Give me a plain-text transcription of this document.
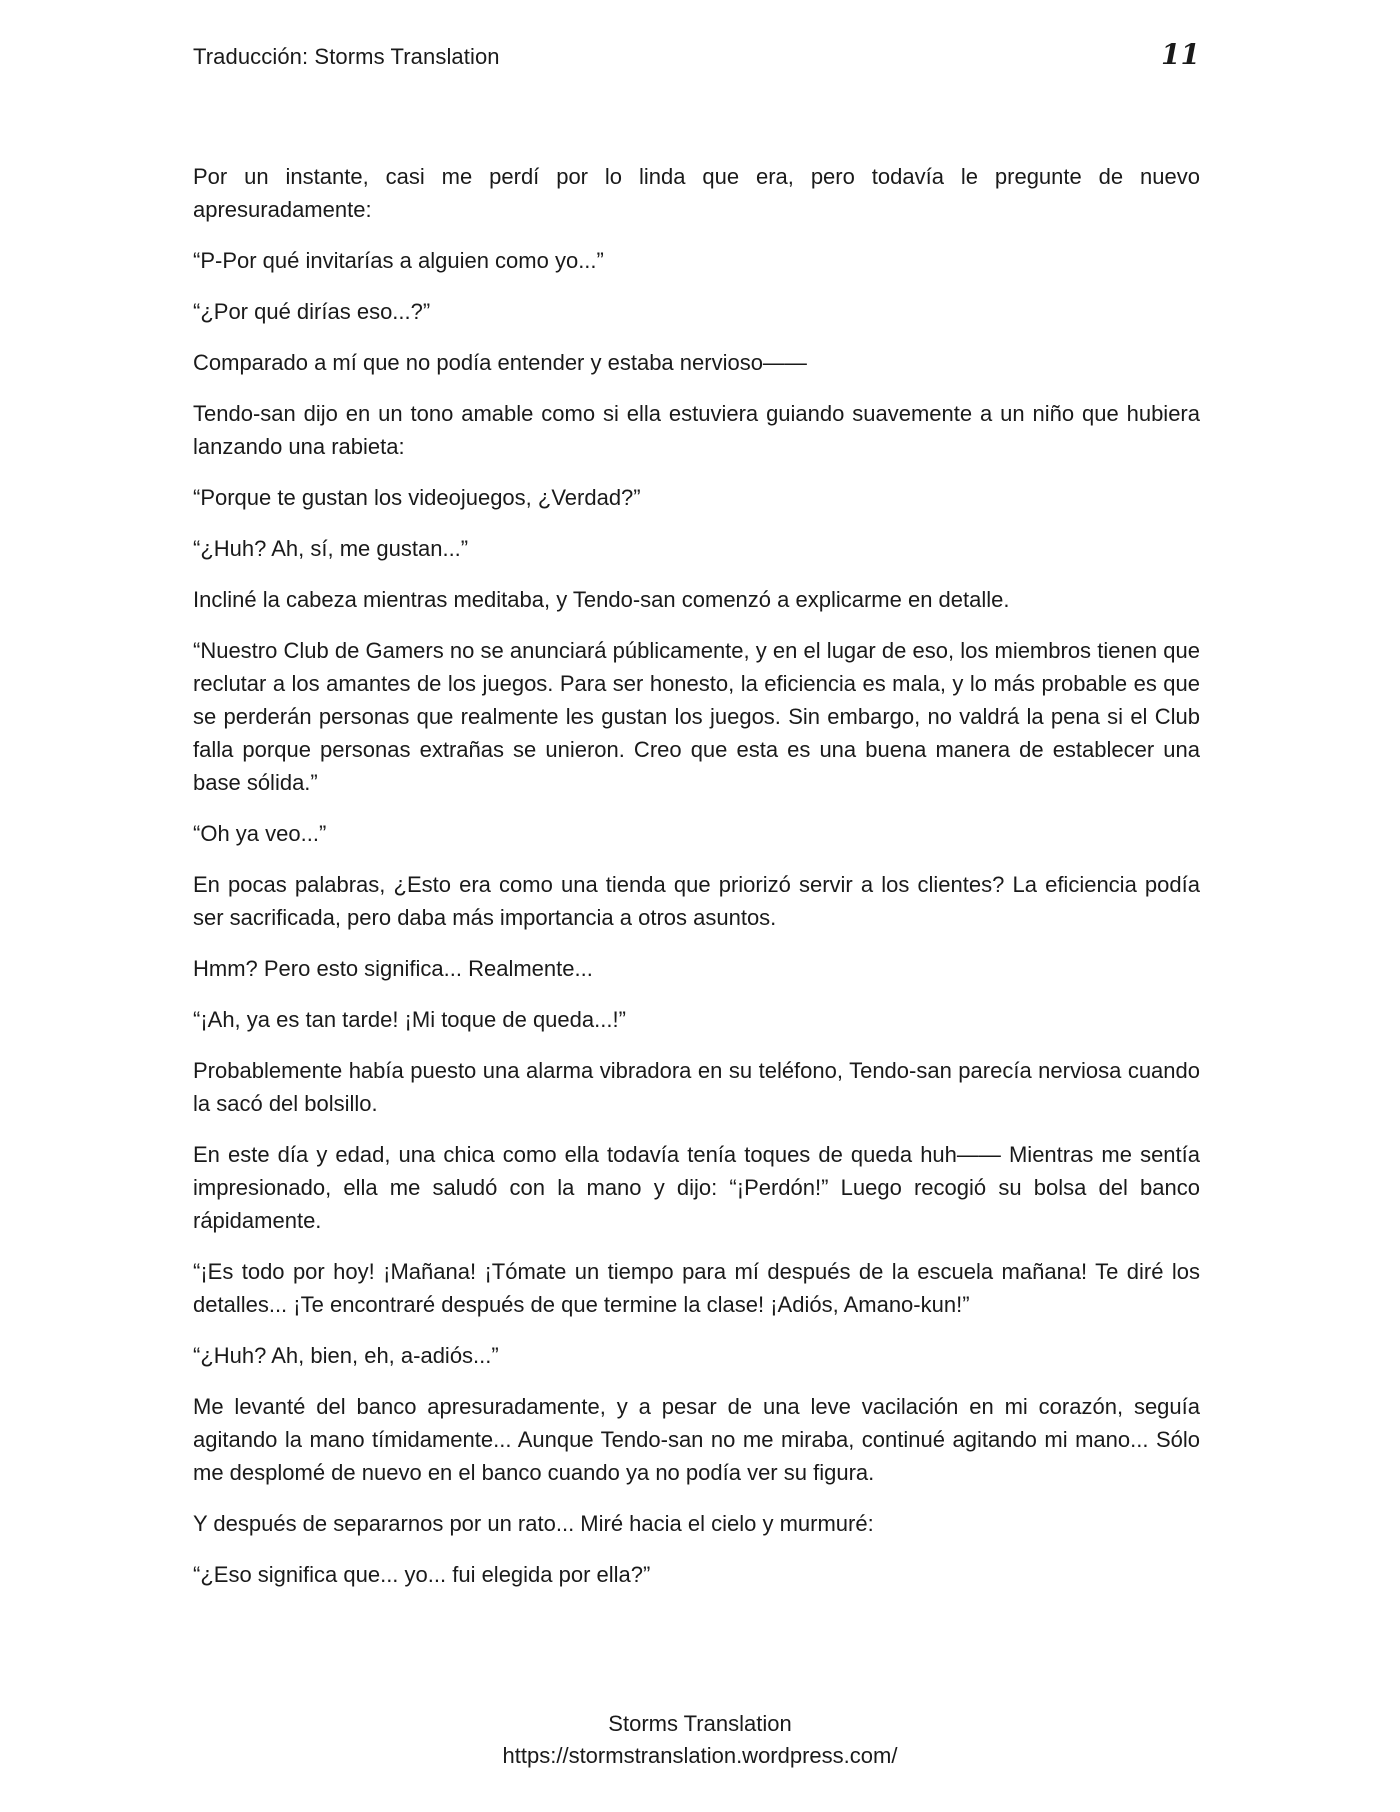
Traducción: Storms Translation	11

Por un instante, casi me perdí por lo linda que era, pero todavía le pregunte de nuevo apresuradamente:

“P-Por qué invitarías a alguien como yo...”

“¿Por qué dirías eso...?”

Comparado a mí que no podía entender y estaba nervioso——

Tendo-san dijo en un tono amable como si ella estuviera guiando suavemente a un niño que hubiera lanzando una rabieta:

“Porque te gustan los videojuegos, ¿Verdad?”

“¿Huh? Ah, sí, me gustan...”

Incliné la cabeza mientras meditaba, y Tendo-san comenzó a explicarme en detalle.

“Nuestro Club de Gamers no se anunciará públicamente, y en el lugar de eso, los miembros tienen que reclutar a los amantes de los juegos. Para ser honesto, la eficiencia es mala, y lo más probable es que se perderán personas que realmente les gustan los juegos. Sin embargo, no valdrá la pena si el Club falla porque personas extrañas se unieron. Creo que esta es una buena manera de establecer una base sólida.”

“Oh ya veo...”

En pocas palabras, ¿Esto era como una tienda que priorizó servir a los clientes? La eficiencia podía ser sacrificada, pero daba más importancia a otros asuntos.

Hmm? Pero esto significa... Realmente...

“¡Ah, ya es tan tarde! ¡Mi toque de queda...!”

Probablemente había puesto una alarma vibradora en su teléfono, Tendo-san parecía nerviosa cuando la sacó del bolsillo.

En este día y edad, una chica como ella todavía tenía toques de queda huh—— Mientras me sentía impresionado, ella me saludó con la mano y dijo: “¡Perdón!” Luego recogió su bolsa del banco rápidamente.

“¡Es todo por hoy! ¡Mañana! ¡Tómate un tiempo para mí después de la escuela mañana! Te diré los detalles... ¡Te encontraré después de que termine la clase! ¡Adiós, Amano-kun!”

“¿Huh? Ah, bien, eh, a-adiós...”

Me levanté del banco apresuradamente, y a pesar de una leve vacilación en mi corazón, seguía agitando la mano tímidamente... Aunque Tendo-san no me miraba, continué agitando mi mano... Sólo me desplomé de nuevo en el banco cuando ya no podía ver su figura.

Y después de separarnos por un rato... Miré hacia el cielo y murmuré:

“¿Eso significa que... yo... fui elegida por ella?”

Storms Translation
https://stormstranslation.wordpress.com/
